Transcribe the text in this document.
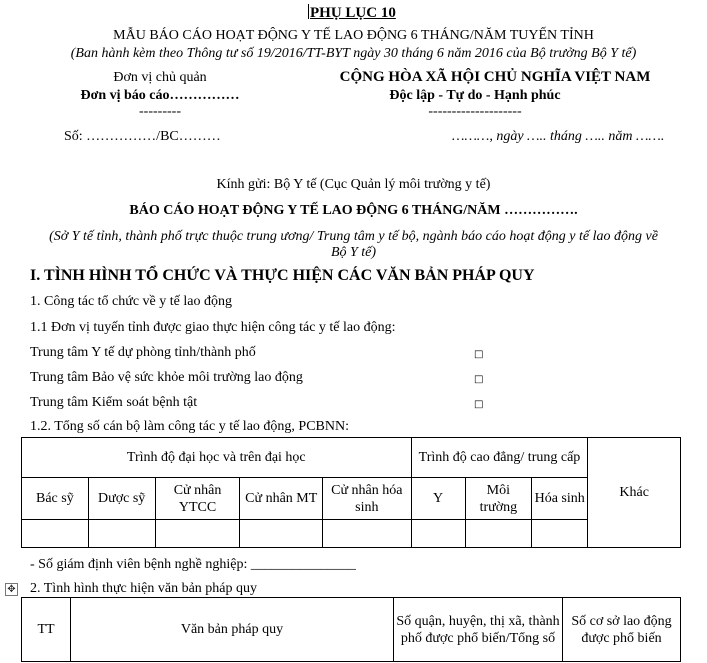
PHỤ LỤC 10
MẪU BÁO CÁO HOẠT ĐỘNG Y TẾ LAO ĐỘNG 6 THÁNG/NĂM TUYẾN TỈNH
(Ban hành kèm theo Thông tư số 19/2016/TT-BYT ngày 30 tháng 6 năm 2016 của Bộ trưởng Bộ Y tế)
Đơn vị chủ quản
Đơn vị báo cáo……………
---------
CỘNG HÒA XÃ HỘI CHỦ NGHĨA VIỆT NAM
Độc lập - Tự do - Hạnh phúc
--------------------
Số: ……………/BC………	………, ngày ….. tháng ….. năm …….
Kính gửi: Bộ Y tế (Cục Quản lý môi trường y tế)
BÁO CÁO HOẠT ĐỘNG Y TẾ LAO ĐỘNG 6 THÁNG/NĂM …………….
(Sở Y tế tỉnh, thành phố trực thuộc trung ương/ Trung tâm y tế bộ, ngành báo cáo hoạt động y tế lao động về
Bộ Y tế)
I. TÌNH HÌNH TỔ CHỨC VÀ THỰC HIỆN CÁC VĂN BẢN PHÁP QUY
1. Công tác tổ chức về y tế lao động
1.1 Đơn vị tuyến tỉnh được giao thực hiện công tác y tế lao động:
Trung tâm Y tế dự phòng tỉnh/thành phố	□
Trung tâm Bảo vệ sức khỏe môi trường lao động	□
Trung tâm Kiểm soát bệnh tật	□
1.2. Tổng số cán bộ làm công tác y tế lao động, PCBNN:
Trình độ đại học và trên đại học					Trình độ cao đẳng/ trung cấp			Khác
Bác sỹ	Dược sỹ	Cử nhân YTCC	Cử nhân MT	Cử nhân hóa sinh	Y	Môi trường	Hóa sinh	

- Số giám định viên bệnh nghề nghiệp: _______________
✥ 2. Tình hình thực hiện văn bản pháp quy
TT	Văn bản pháp quy	Số quận, huyện, thị xã, thành phố được phổ biến/Tổng số	Số cơ sở lao động được phổ biến
